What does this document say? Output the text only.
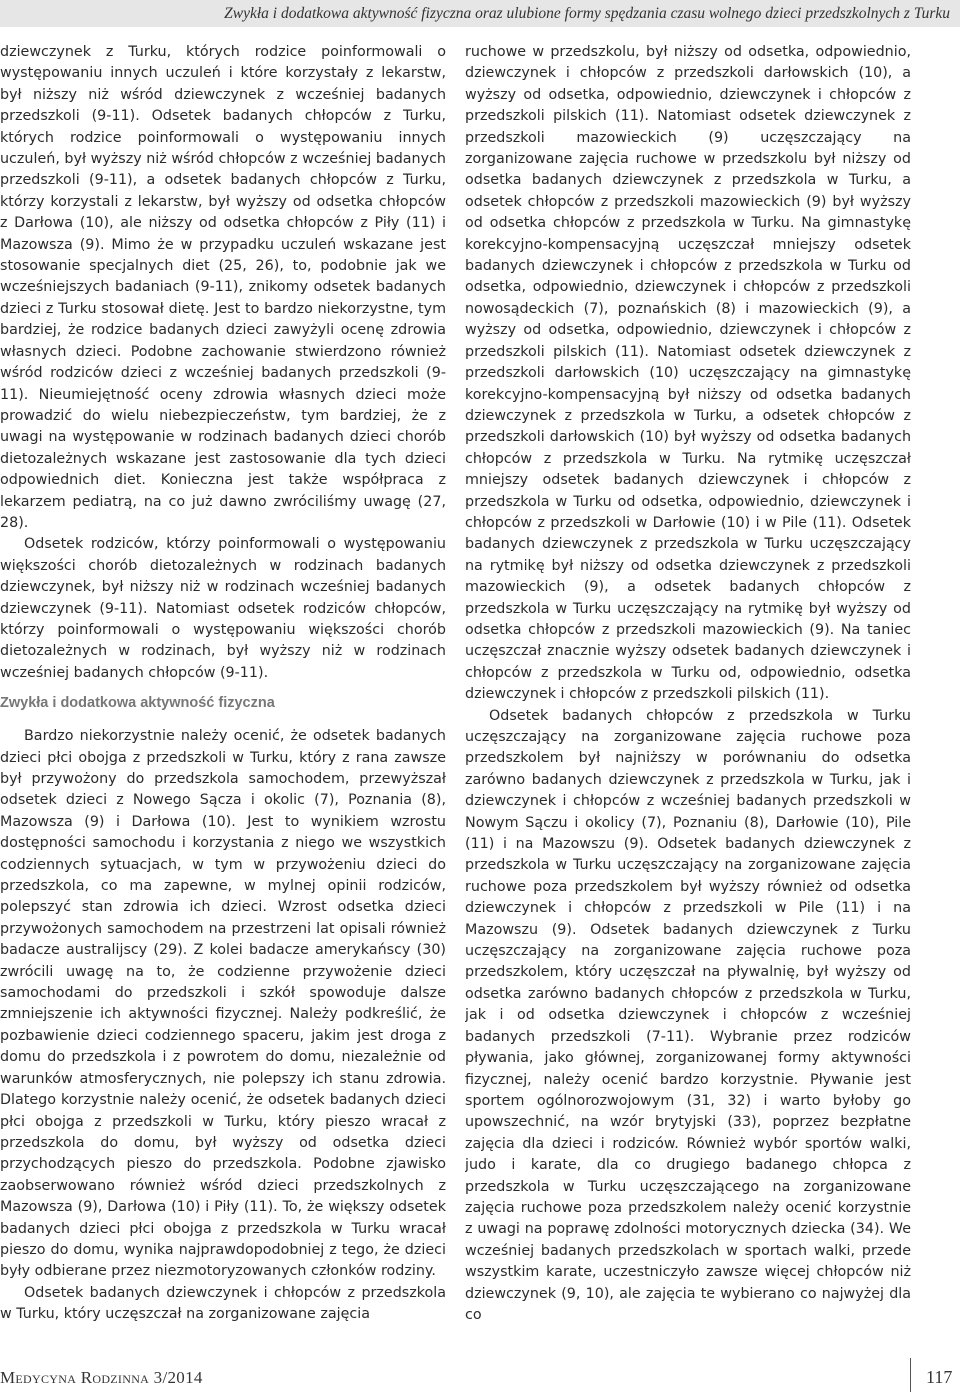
Zwykła i dodatkowa aktywność fizyczna oraz ulubione formy spędzania czasu wolnego dzieci przedszkolnych z Turku

dziewczynek z Turku, których rodzice poinformowali o występowaniu innych uczuleń i które korzystały z lekarstw, był niższy niż wśród dziewczynek z wcześniej badanych przedszkoli (9-11). Odsetek badanych chłopców z Turku, których rodzice poinformowali o występowaniu innych uczuleń, był wyższy niż wśród chłopców z wcześniej badanych przedszkoli (9-11), a odsetek badanych chłopców z Turku, którzy korzystali z lekarstw, był wyższy od odsetka chłopców z Darłowa (10), ale niższy od odsetka chłopców z Piły (11) i Mazowsza (9). Mimo że w przypadku uczuleń wskazane jest stosowanie specjalnych diet (25, 26), to, podobnie jak we wcześniejszych badaniach (9-11), znikomy odsetek badanych dzieci z Turku stosował dietę. Jest to bardzo niekorzystne, tym bardziej, że rodzice badanych dzieci zawyżyli ocenę zdrowia własnych dzieci. Podobne zachowanie stwierdzono również wśród rodziców dzieci z wcześniej badanych przedszkoli (9-11). Nieumiejętność oceny zdrowia własnych dzieci może prowadzić do wielu niebezpieczeństw, tym bardziej, że z uwagi na występowanie w rodzinach badanych dzieci chorób dietozależnych wskazane jest zastosowanie dla tych dzieci odpowiednich diet. Konieczna jest także współpraca z lekarzem pediatrą, na co już dawno zwróciliśmy uwagę (27, 28).

Odsetek rodziców, którzy poinformowali o występowaniu większości chorób dietozależnych w rodzinach badanych dziewczynek, był niższy niż w rodzinach wcześniej badanych dziewczynek (9-11). Natomiast odsetek rodziców chłopców, którzy poinformowali o występowaniu większości chorób dietozależnych w rodzinach, był wyższy niż w rodzinach wcześniej badanych chłopców (9-11).

Zwykła i dodatkowa aktywność fizyczna

Bardzo niekorzystnie należy ocenić, że odsetek badanych dzieci płci obojga z przedszkoli w Turku, który z rana zawsze był przywożony do przedszkola samochodem, przewyższał odsetek dzieci z Nowego Sącza i okolic (7), Poznania (8), Mazowsza (9) i Darłowa (10). Jest to wynikiem wzrostu dostępności samochodu i korzystania z niego we wszystkich codziennych sytuacjach, w tym w przywożeniu dzieci do przedszkola, co ma zapewne, w mylnej opinii rodziców, polepszyć stan zdrowia ich dzieci. Wzrost odsetka dzieci przywożonych samochodem na przestrzeni lat opisali również badacze australijscy (29). Z kolei badacze amerykańscy (30) zwrócili uwagę na to, że codzienne przywożenie dzieci samochodami do przedszkoli i szkół spowoduje dalsze zmniejszenie ich aktywności fizycznej. Należy podkreślić, że pozbawienie dzieci codziennego spaceru, jakim jest droga z domu do przedszkola i z powrotem do domu, niezależnie od warunków atmosferycznych, nie polepszy ich stanu zdrowia. Dlatego korzystnie należy ocenić, że odsetek badanych dzieci płci obojga z przedszkoli w Turku, który pieszo wracał z przedszkola do domu, był wyższy od odsetka dzieci przychodzących pieszo do przedszkola. Podobne zjawisko zaobserwowano również wśród dzieci przedszkolnych z Mazowsza (9), Darłowa (10) i Piły (11). To, że większy odsetek badanych dzieci płci obojga z przedszkola w Turku wracał pieszo do domu, wynika najprawdopodobniej z tego, że dzieci były odbierane przez niezmotoryzowanych członków rodziny.

Odsetek badanych dziewczynek i chłopców z przedszkola w Turku, który uczęszczał na zorganizowane zajęcia

ruchowe w przedszkolu, był niższy od odsetka, odpowiednio, dziewczynek i chłopców z przedszkoli darłowskich (10), a wyższy od odsetka, odpowiednio, dziewczynek i chłopców z przedszkoli pilskich (11). Natomiast odsetek dziewczynek z przedszkoli mazowieckich (9) uczęszczający na zorganizowane zajęcia ruchowe w przedszkolu był niższy od odsetka badanych dziewczynek z przedszkola w Turku, a odsetek chłopców z przedszkoli mazowieckich (9) był wyższy od odsetka chłopców z przedszkola w Turku. Na gimnastykę korekcyjno-kompensacyjną uczęszczał mniejszy odsetek badanych dziewczynek i chłopców z przedszkola w Turku od odsetka, odpowiednio, dziewczynek i chłopców z przedszkoli nowosądeckich (7), poznańskich (8) i mazowieckich (9), a wyższy od odsetka, odpowiednio, dziewczynek i chłopców z przedszkoli pilskich (11). Natomiast odsetek dziewczynek z przedszkoli darłowskich (10) uczęszczający na gimnastykę korekcyjno-kompensacyjną był niższy od odsetka badanych dziewczynek z przedszkola w Turku, a odsetek chłopców z przedszkoli darłowskich (10) był wyższy od odsetka badanych chłopców z przedszkola w Turku. Na rytmikę uczęszczał mniejszy odsetek badanych dziewczynek i chłopców z przedszkola w Turku od odsetka, odpowiednio, dziewczynek i chłopców z przedszkoli w Darłowie (10) i w Pile (11). Odsetek badanych dziewczynek z przedszkola w Turku uczęszczający na rytmikę był niższy od odsetka dziewczynek z przedszkoli mazowieckich (9), a odsetek badanych chłopców z przedszkola w Turku uczęszczający na rytmikę był wyższy od odsetka chłopców z przedszkoli mazowieckich (9). Na taniec uczęszczał znacznie wyższy odsetek badanych dziewczynek i chłopców z przedszkola w Turku od, odpowiednio, odsetka dziewczynek i chłopców z przedszkoli pilskich (11).

Odsetek badanych chłopców z przedszkola w Turku uczęszczający na zorganizowane zajęcia ruchowe poza przedszkolem był najniższy w porównaniu do odsetka zarówno badanych dziewczynek z przedszkola w Turku, jak i dziewczynek i chłopców z wcześniej badanych przedszkoli w Nowym Sączu i okolicy (7), Poznaniu (8), Darłowie (10), Pile (11) i na Mazowszu (9). Odsetek badanych dziewczynek z przedszkola w Turku uczęszczający na zorganizowane zajęcia ruchowe poza przedszkolem był wyższy również od odsetka dziewczynek i chłopców z przedszkoli w Pile (11) i na Mazowszu (9). Odsetek badanych dziewczynek z Turku uczęszczający na zorganizowane zajęcia ruchowe poza przedszkolem, który uczęszczał na pływalnię, był wyższy od odsetka zarówno badanych chłopców z przedszkola w Turku, jak i od odsetka dziewczynek i chłopców z wcześniej badanych przedszkoli (7-11). Wybranie przez rodziców pływania, jako głównej, zorganizowanej formy aktywności fizycznej, należy ocenić bardzo korzystnie. Pływanie jest sportem ogólnorozwojowym (31, 32) i warto byłoby go upowszechnić, na wzór brytyjski (33), poprzez bezpłatne zajęcia dla dzieci i rodziców. Również wybór sportów walki, judo i karate, dla co drugiego badanego chłopca z przedszkola w Turku uczęszczającego na zorganizowane zajęcia ruchowe poza przedszkolem należy ocenić korzystnie z uwagi na poprawę zdolności motorycznych dziecka (34). We wcześniej badanych przedszkolach w sportach walki, przede wszystkim karate, uczestniczyło zawsze więcej chłopców niż dziewczynek (9, 10), ale zajęcia te wybierano co najwyżej dla co

Medycyna Rodzinna 3/2014	117
